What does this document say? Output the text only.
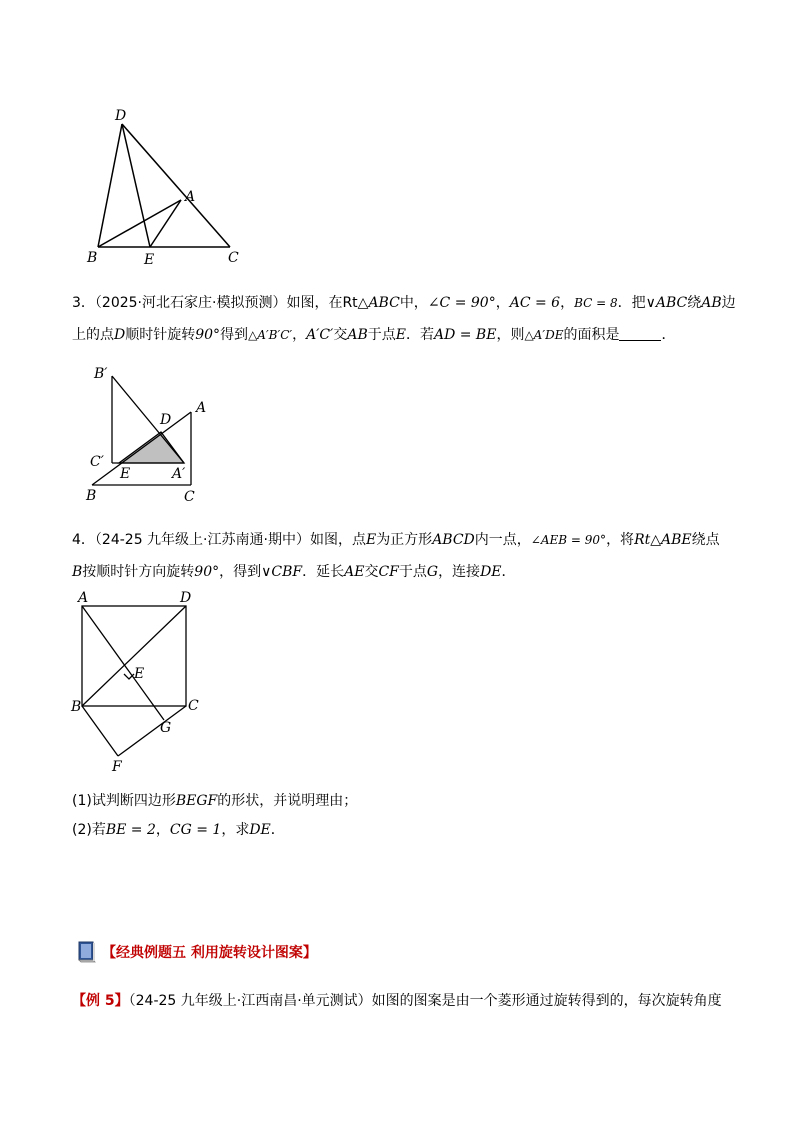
D
A
B	E	C
3．（2025·河北石家庄·模拟预测）如图，在Rt△ABC中，∠C = 90°，AC = 6，BC = 8．把∨ABC绕AB边
上的点D顺时针旋转90°得到△A′B′C′，A′C′交AB于点E．若AD = BE，则△A′DE的面积是	．
B′
D
A
C′
E	A′
B	C
4．（24-25 九年级上·江苏南通·期中）如图，点E为正方形ABCD内一点，∠AEB = 90°，将Rt△ABE绕点
B按顺时针方向旋转90°，得到∨CBF．延长AE交CF于点G，连接DE．
A	D
E
B	C
G
F
(1)试判断四边形BEGF的形状，并说明理由；
(2)若BE = 2，CG = 1，求DE．
【经典例题五 利用旋转设计图案】
【例 5】（24-25 九年级上·江西南昌·单元测试）如图的图案是由一个菱形通过旋转得到的，每次旋转角度
